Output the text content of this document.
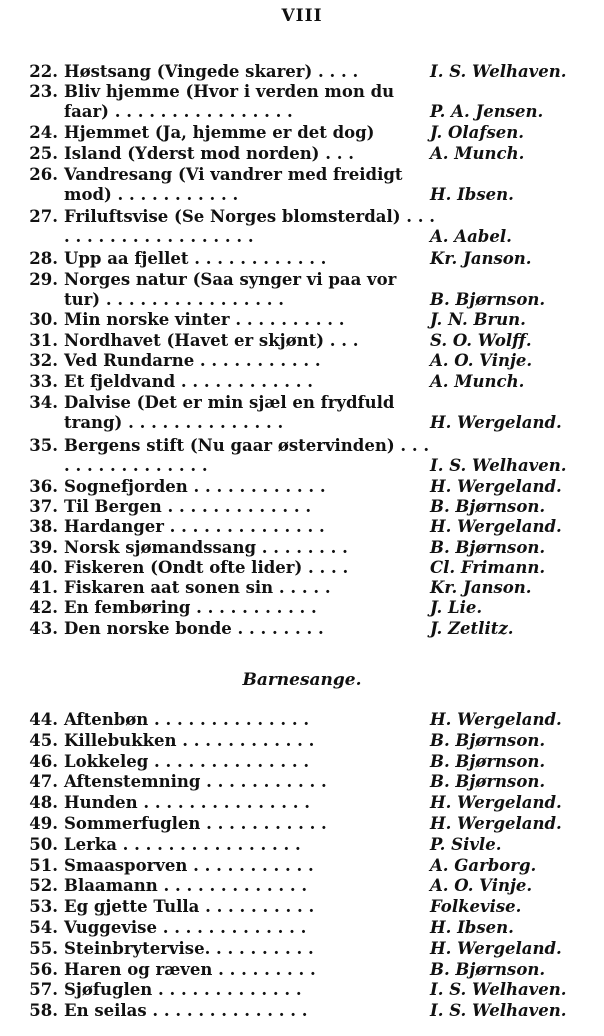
VIII
22. Høstsang (Vingede skarer) . . . .	I. S. Welhaven.
23. Bliv hjemme (Hvor i verden mon du faar) . . . . . . . . . . . . . . . .	P. A. Jensen.
24. Hjemmet (Ja, hjemme er det dog)	J. Olafsen.
25. Island (Yderst mod norden) . . .	A. Munch.
26. Vandresang (Vi vandrer med freidigt mod) . . . . . . . . . . .	H. Ibsen.
27. Friluftsvise (Se Norges blomsterdal) . . . . . . . . . . . . . . . . . . . .	A. Aabel.
28. Upp aa fjellet . . . . . . . . . . . .	Kr. Janson.
29. Norges natur (Saa synger vi paa vor tur) . . . . . . . . . . . . . . . .	B. Bjørnson.
30. Min norske vinter . . . . . . . . . .	J. N. Brun.
31. Nordhavet (Havet er skjønt) . . .	S. O. Wolff.
32. Ved Rundarne . . . . . . . . . . .	A. O. Vinje.
33. Et fjeldvand . . . . . . . . . . . .	A. Munch.
34. Dalvise (Det er min sjæl en frydfuld trang) . . . . . . . . . . . . . .	H. Wergeland.
35. Bergens stift (Nu gaar østervinden) . . . . . . . . . . . . . . . .	I. S. Welhaven.
36. Sognefjorden . . . . . . . . . . . .	H. Wergeland.
37. Til Bergen . . . . . . . . . . . . .	B. Bjørnson.
38. Hardanger . . . . . . . . . . . . . .	H. Wergeland.
39. Norsk sjømandssang . . . . . . . .	B. Bjørnson.
40. Fiskeren (Ondt ofte lider) . . . .	Cl. Frimann.
41. Fiskaren aat sonen sin . . . . .	Kr. Janson.
42. En fembøring . . . . . . . . . . .	J. Lie.
43. Den norske bonde . . . . . . . .	J. Zetlitz.
44. Aftenbøn . . . . . . . . . . . . . .	H. Wergeland.
45. Killebukken . . . . . . . . . . . .	B. Bjørnson.
46. Lokkeleg . . . . . . . . . . . . . .	B. Bjørnson.
47. Aftenstemning . . . . . . . . . . .	B. Bjørnson.
48. Hunden . . . . . . . . . . . . . . .	H. Wergeland.
49. Sommerfuglen . . . . . . . . . . .	H. Wergeland.
50. Lerka . . . . . . . . . . . . . . . .	P. Sivle.
51. Smaasporven . . . . . . . . . . .	A. Garborg.
52. Blaamann . . . . . . . . . . . . .	A. O. Vinje.
53. Eg gjette Tulla . . . . . . . . . .	Folkevise.
54. Vuggevise . . . . . . . . . . . . .	H. Ibsen.
55. Steinbrytervise. . . . . . . . . .	H. Wergeland.
56. Haren og ræven . . . . . . . . .	B. Bjørnson.
57. Sjøfuglen . . . . . . . . . . . . .	I. S. Welhaven.
58. En seilas . . . . . . . . . . . . . .	I. S. Welhaven.
Barnesange.
